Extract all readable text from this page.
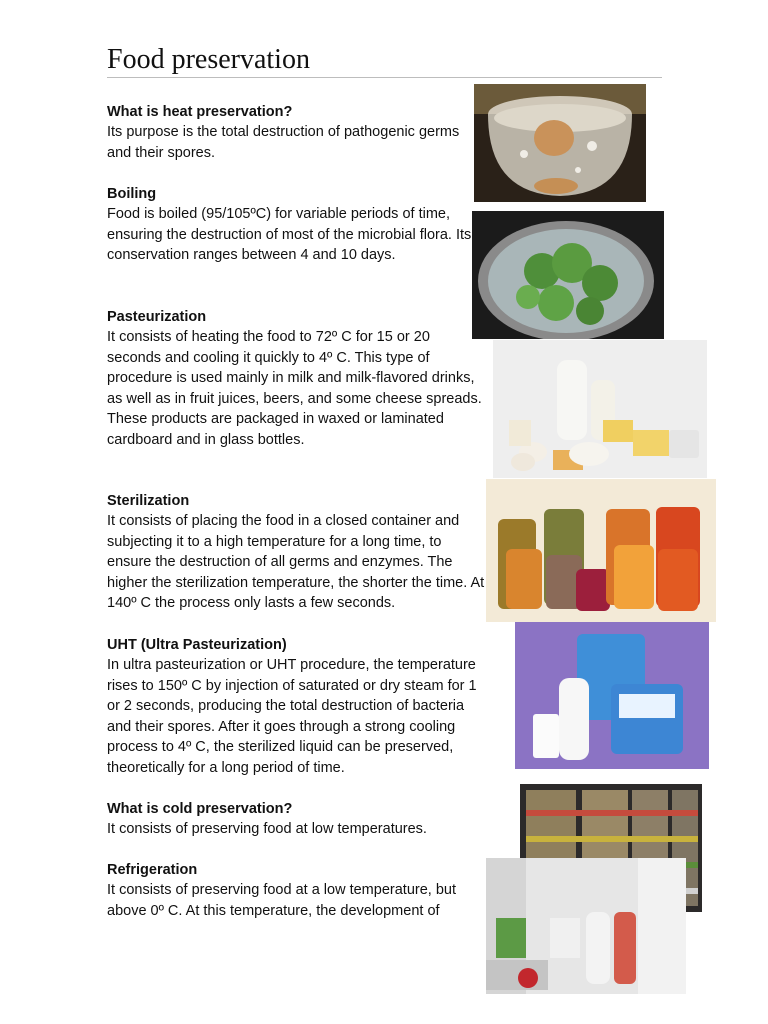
Food preservation
What is heat preservation?

Its purpose is the total destruction of pathogenic germs and their spores.

Boiling

Food is boiled (95/105ºC) for variable periods of time, ensuring the destruction of most of the microbial flora. Its conservation ranges between 4 and 10 days.

Pasteurization

It consists of heating the food to 72º C for 15 or 20 seconds and cooling it quickly to 4º C. This type of procedure is used mainly in milk and milk-flavored drinks, as well as in fruit juices, beers, and some cheese spreads.

These products are packaged in waxed or laminated cardboard and in glass bottles.

Sterilization

It consists of placing the food in a closed container and subjecting it to a high temperature for a long time, to ensure the destruction of all germs and enzymes. The higher the sterilization temperature, the shorter the time. At 140º C the process only lasts a few seconds.

UHT (Ultra Pasteurization)

In ultra pasteurization or UHT procedure, the temperature rises to 150º C by injection of saturated or dry steam for 1 or 2 seconds, producing the total destruction of bacteria and their spores. After it goes through a strong cooling process to 4º C, the sterilized liquid can be preserved, theoretically for a long period of time.

What is cold preservation?

It consists of preserving food at low temperatures.

Refrigeration

It consists of preserving food at a low temperature, but above 0º C. At this temperature, the development of
